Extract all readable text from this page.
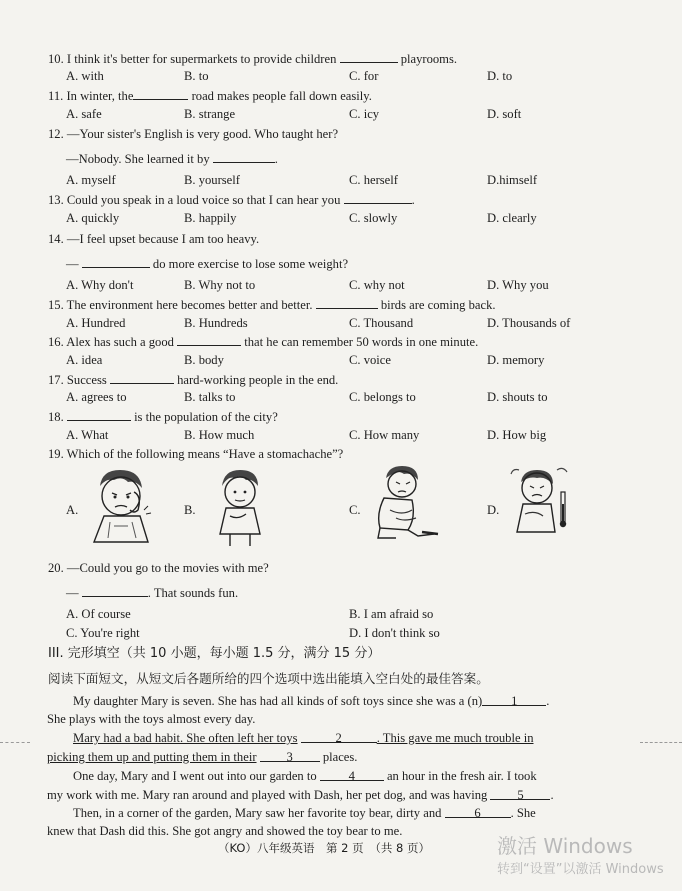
10. I think it's better for supermarkets to provide children	playrooms.
A. with	B. to	C. for	D. to
11. In winter, the	road makes people fall down easily.
A. safe	B. strange	C. icy	D. soft
12. —Your sister's English is very good. Who taught her?
—Nobody. She learned it by	.
A. myself	B. yourself	C. herself	D.himself
13. Could you speak in a loud voice so that I can hear you	.
A. quickly	B. happily	C. slowly	D. clearly
14. —I feel upset because I am too heavy.
—	do more exercise to lose some weight?
A. Why don't	B. Why not to	C. why not	D. Why you
15. The environment here becomes better and better.	birds are coming back.
A. Hundred	B. Hundreds	C. Thousand	D. Thousands of
16. Alex has such a good	that he can remember 50 words in one minute.
A. idea	B. body	C. voice	D. memory
17. Success	hard-working people in the end.
A. agrees to	B. talks to	C. belongs to	D. shouts to
18.	is the population of the city?
A. What	B. How much	C. How many	D. How big
19. Which of the following means “Have a stomachache”?
A.	B.	C.	D.
20. —Could you go to the movies with me?
—	. That sounds fun.
A. Of course	B. I am afraid so
C. You're right	D. I don't think so
III. 完形填空（共 10 小题，每小题 1.5 分，满分 15 分）
阅读下面短文，从短文后各题所给的四个选项中选出能填入空白处的最佳答案。
My daughter Mary is seven. She has had all kinds of soft toys since she was a (n) 1 .
She plays with the toys almost every day.
Mary had a bad habit. She often left her toys	2	. This gave me much trouble in
picking them up and putting them in their 3 places.
One day, Mary and I went out into our garden to	4	an hour in the fresh air. I took
my work with me. Mary ran around and played with Dash, her pet dog, and was having 5 .
Then, in a corner of the garden, Mary saw her favorite toy bear, dirty and	6 . She
knew that Dash did this. She got angry and showed the toy bear to me.
（KO）八年级英语　第 2 页　（共 8 页）	激活 Windows
转到“设置”以激活 Windows
